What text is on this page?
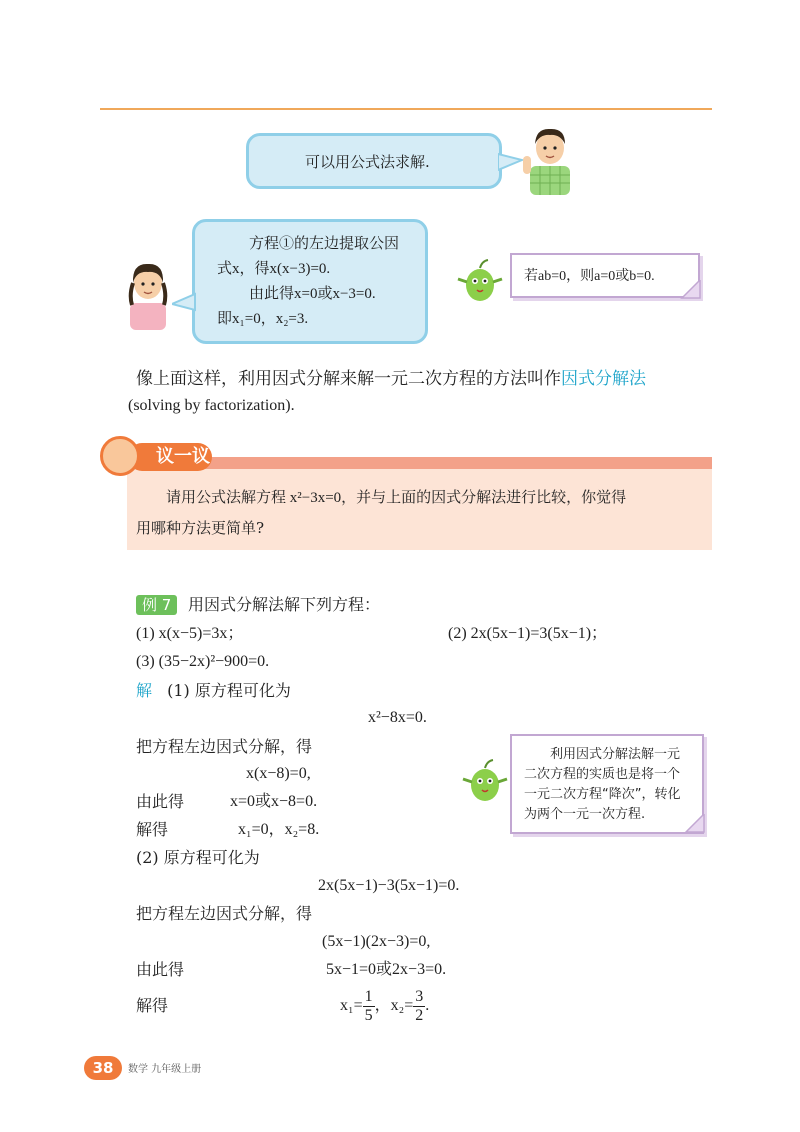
可以用公式法求解.
方程①的左边提取公因
式x，得x(x−3)=0.
由此得x=0或x−3=0.
即x₁=0，x₂=3.
若ab=0，则a=0或b=0.
像上面这样，利用因式分解来解一元二次方程的方法叫作因式分解法
(solving by factorization).
议一议
请用公式法解方程 x²−3x=0，并与上面的因式分解法进行比较，你觉得
用哪种方法更简单?
例 7	用因式分解法解下列方程：
(1) x(x−5)=3x；	(2) 2x(5x−1)=3(5x−1)；
(3) (35−2x)²−900=0.
解 (1) 原方程可化为
x²−8x=0.
把方程左边因式分解，得
x(x−8)=0,
由此得	x=0或x−8=0.
解得	x₁=0，x₂=8.
利用因式分解法解一元
二次方程的实质也是将一个
一元二次方程“降次”，转化
为两个一元一次方程.
(2) 原方程可化为
2x(5x−1)−3(5x−1)=0.
把方程左边因式分解，得
(5x−1)(2x−3)=0,
由此得	5x−1=0或2x−3=0.
解得	$x_1= \frac{1}{5}$ ，$x_2= \frac{3}{2}$ .
38	数学 九年级上册
